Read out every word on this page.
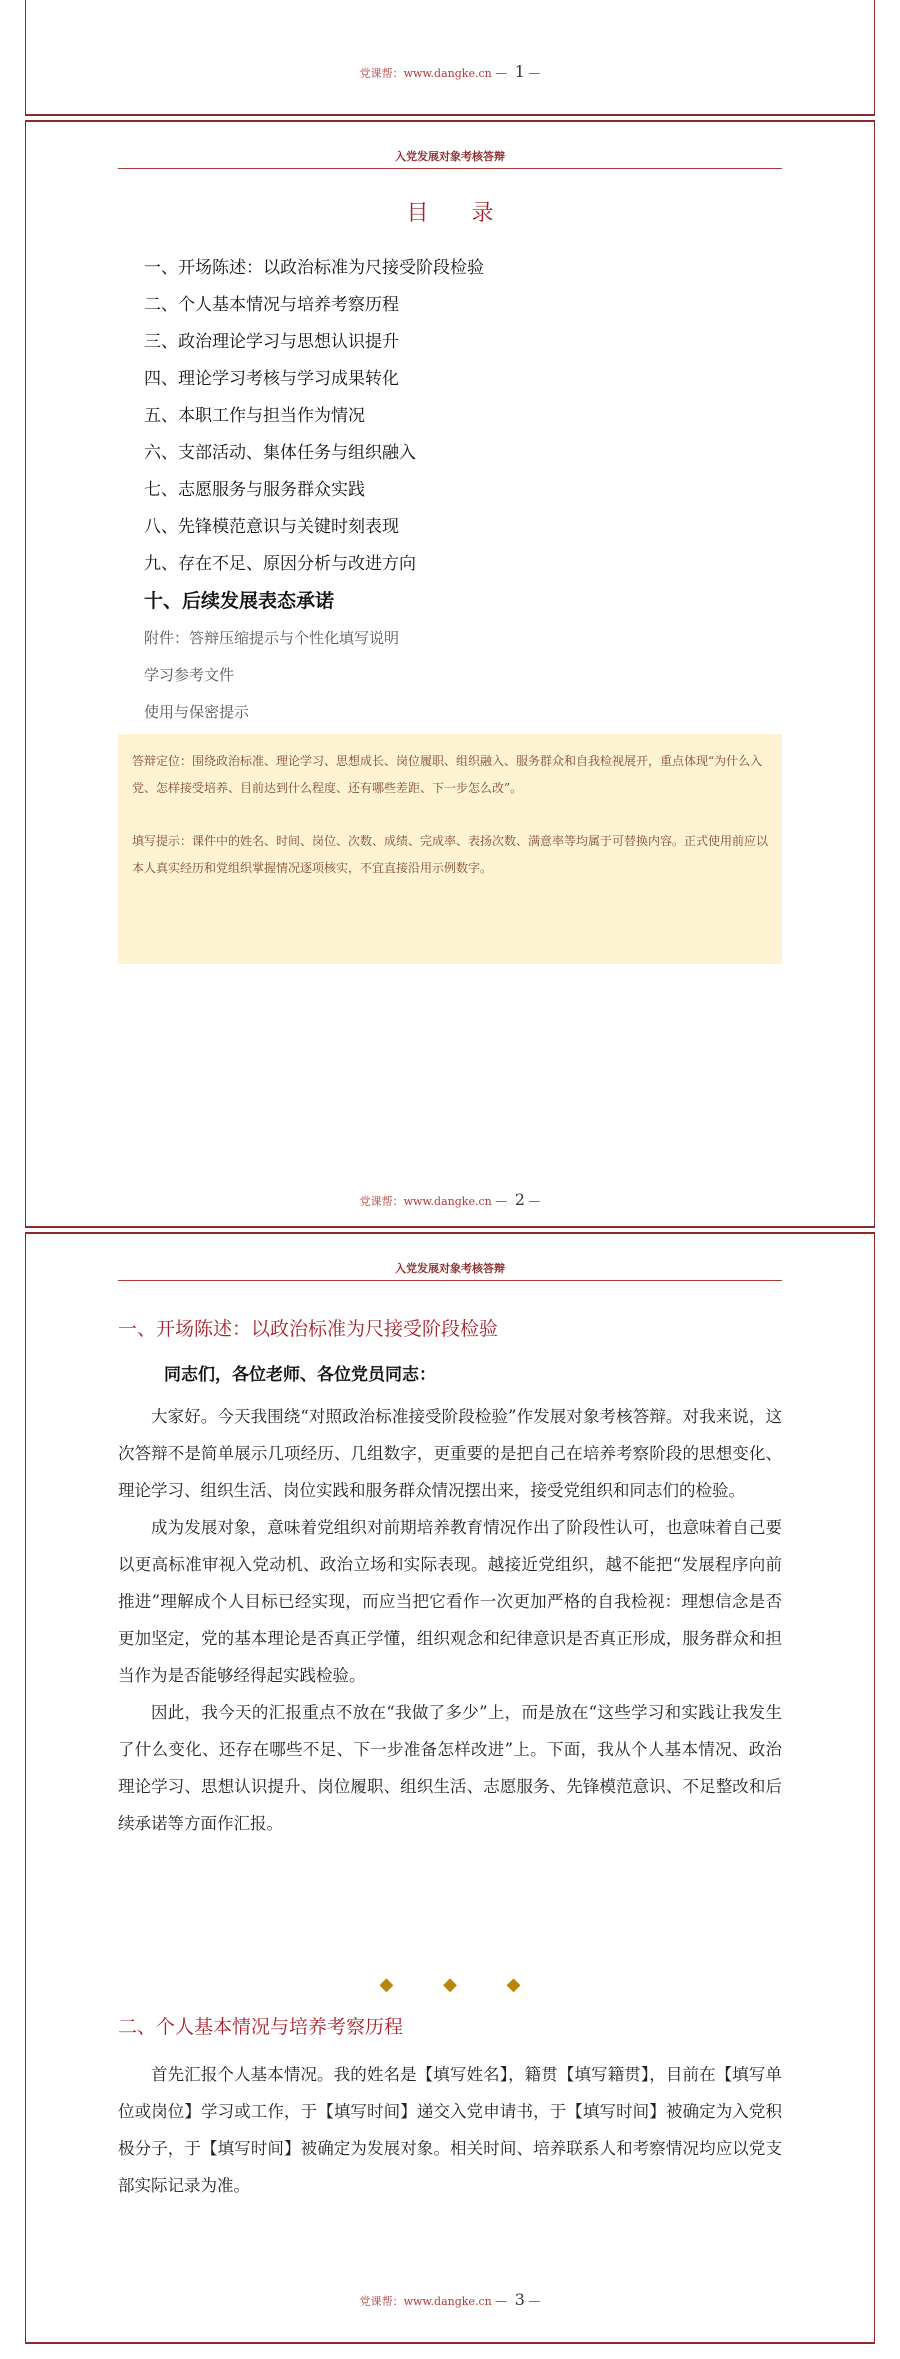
党课帮：www.dangke.cn — 1 —
入党发展对象考核答辩
目 录
一、开场陈述：以政治标准为尺接受阶段检验
二、个人基本情况与培养考察历程
三、政治理论学习与思想认识提升
四、理论学习考核与学习成果转化
五、本职工作与担当作为情况
六、支部活动、集体任务与组织融入
七、志愿服务与服务群众实践
八、先锋模范意识与关键时刻表现
九、存在不足、原因分析与改进方向
十、后续发展表态承诺
附件：答辩压缩提示与个性化填写说明
学习参考文件
使用与保密提示

答辩定位：围绕政治标准、理论学习、思想成长、岗位履职、组织融入、服务群众和自我检视展开，重点体现“为什么入党、怎样接受培养、目前达到什么程度、还有哪些差距、下一步怎么改”。

填写提示：课件中的姓名、时间、岗位、次数、成绩、完成率、表扬次数、满意率等均属于可替换内容。正式使用前应以本人真实经历和党组织掌握情况逐项核实，不宜直接沿用示例数字。

党课帮：www.dangke.cn — 2 —
入党发展对象考核答辩
一、开场陈述：以政治标准为尺接受阶段检验
同志们，各位老师、各位党员同志：

大家好。今天我围绕“对照政治标准接受阶段检验”作发展对象考核答辩。对我来说，这次答辩不是简单展示几项经历、几组数字，更重要的是把自己在培养考察阶段的思想变化、理论学习、组织生活、岗位实践和服务群众情况摆出来，接受党组织和同志们的检验。

成为发展对象，意味着党组织对前期培养教育情况作出了阶段性认可，也意味着自己要以更高标准审视入党动机、政治立场和实际表现。越接近党组织，越不能把“发展程序向前推进”理解成个人目标已经实现，而应当把它看作一次更加严格的自我检视：理想信念是否更加坚定，党的基本理论是否真正学懂，组织观念和纪律意识是否真正形成，服务群众和担当作为是否能够经得起实践检验。

因此，我今天的汇报重点不放在“我做了多少”上，而是放在“这些学习和实践让我发生了什么变化、还存在哪些不足、下一步准备怎样改进”上。下面，我从个人基本情况、政治理论学习、思想认识提升、岗位履职、组织生活、志愿服务、先锋模范意识、不足整改和后续承诺等方面作汇报。

◆ ◆ ◆
二、个人基本情况与培养考察历程

首先汇报个人基本情况。我的姓名是【填写姓名】，籍贯【填写籍贯】，目前在【填写单位或岗位】学习或工作，于【填写时间】递交入党申请书，于【填写时间】被确定为入党积极分子，于【填写时间】被确定为发展对象。相关时间、培养联系人和考察情况均应以党支部实际记录为准。

党课帮：www.dangke.cn — 3 —
